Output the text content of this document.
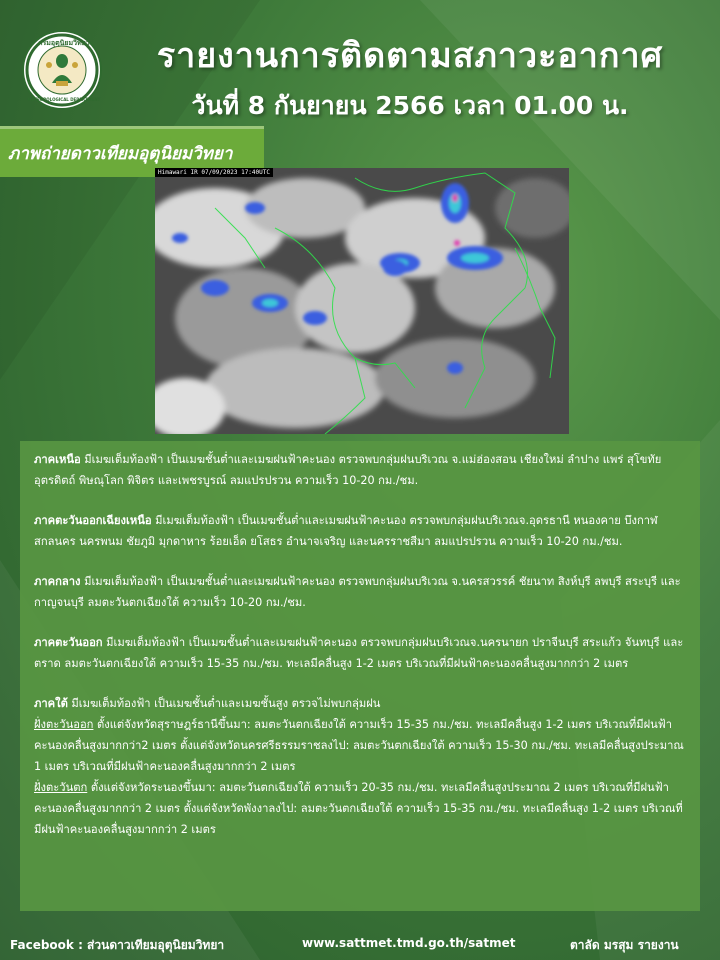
กรมอุตุนิยมวิทยา
METEOROLOGICAL DEPARTMENT
รายงานการติดตามสภาวะอากาศ
วันที่ 8 กันยายน 2566 เวลา 01.00 น.
ภาพถ่ายดาวเทียมอุตุนิยมวิทยา
Himawari IR 07/09/2023 17:40UTC

ภาคเหนือ มีเมฆเต็มท้องฟ้า เป็นเมฆชั้นต่ำและเมฆฝนฟ้าคะนอง ตรวจพบกลุ่มฝนบริเวณ จ.แม่ฮ่องสอน เชียงใหม่ ลำปาง แพร่ สุโขทัย อุตรดิตถ์ พิษณุโลก พิจิตร และเพชรบูรณ์ ลมแปรปรวน ความเร็ว 10-20 กม./ชม.

ภาคตะวันออกเฉียงเหนือ มีเมฆเต็มท้องฟ้า เป็นเมฆชั้นต่ำและเมฆฝนฟ้าคะนอง ตรวจพบกลุ่มฝนบริเวณจ.อุดรธานี หนองคาย บึงกาฬ สกลนคร นครพนม ชัยภูมิ มุกดาหาร ร้อยเอ็ด ยโสธร อำนาจเจริญ และนครราชสีมา ลมแปรปรวน ความเร็ว 10-20 กม./ชม.

ภาคกลาง มีเมฆเต็มท้องฟ้า เป็นเมฆชั้นต่ำและเมฆฝนฟ้าคะนอง ตรวจพบกลุ่มฝนบริเวณ จ.นครสวรรค์ ชัยนาท สิงห์บุรี ลพบุรี สระบุรี และกาญจนบุรี ลมตะวันตกเฉียงใต้ ความเร็ว 10-20 กม./ชม.

ภาคตะวันออก มีเมฆเต็มท้องฟ้า เป็นเมฆชั้นต่ำและเมฆฝนฟ้าคะนอง ตรวจพบกลุ่มฝนบริเวณจ.นครนายก ปราจีนบุรี สระแก้ว จันทบุรี และตราด ลมตะวันตกเฉียงใต้ ความเร็ว 15-35 กม./ชม. ทะเลมีคลื่นสูง 1-2 เมตร บริเวณที่มีฝนฟ้าคะนองคลื่นสูงมากกว่า 2 เมตร

ภาคใต้ มีเมฆเต็มท้องฟ้า เป็นเมฆชั้นต่ำและเมฆชั้นสูง ตรวจไม่พบกลุ่มฝน
ฝั่งตะวันออก ตั้งแต่จังหวัดสุราษฎร์ธานีขึ้นมา: ลมตะวันตกเฉียงใต้ ความเร็ว 15-35 กม./ชม. ทะเลมีคลื่นสูง 1-2 เมตร บริเวณที่มีฝนฟ้าคะนองคลื่นสูงมากกว่า2 เมตร ตั้งแต่จังหวัดนครศรีธรรมราชลงไป: ลมตะวันตกเฉียงใต้ ความเร็ว 15-30 กม./ชม. ทะเลมีคลื่นสูงประมาณ 1 เมตร บริเวณที่มีฝนฟ้าคะนองคลื่นสูงมากกว่า 2 เมตร
ฝั่งตะวันตก ตั้งแต่จังหวัดระนองขึ้นมา: ลมตะวันตกเฉียงใต้ ความเร็ว 20-35 กม./ชม. ทะเลมีคลื่นสูงประมาณ 2 เมตร บริเวณที่มีฝนฟ้าคะนองคลื่นสูงมากกว่า 2 เมตร ตั้งแต่จังหวัดพังงาลงไป: ลมตะวันตกเฉียงใต้ ความเร็ว 15-35 กม./ชม. ทะเลมีคลื่นสูง 1-2 เมตร บริเวณที่มีฝนฟ้าคะนองคลื่นสูงมากกว่า 2 เมตร

Facebook : ส่วนดาวเทียมอุตุนิยมวิทยา	www.sattmet.tmd.go.th/satmet	ตาลัด มรสุม รายงาน
